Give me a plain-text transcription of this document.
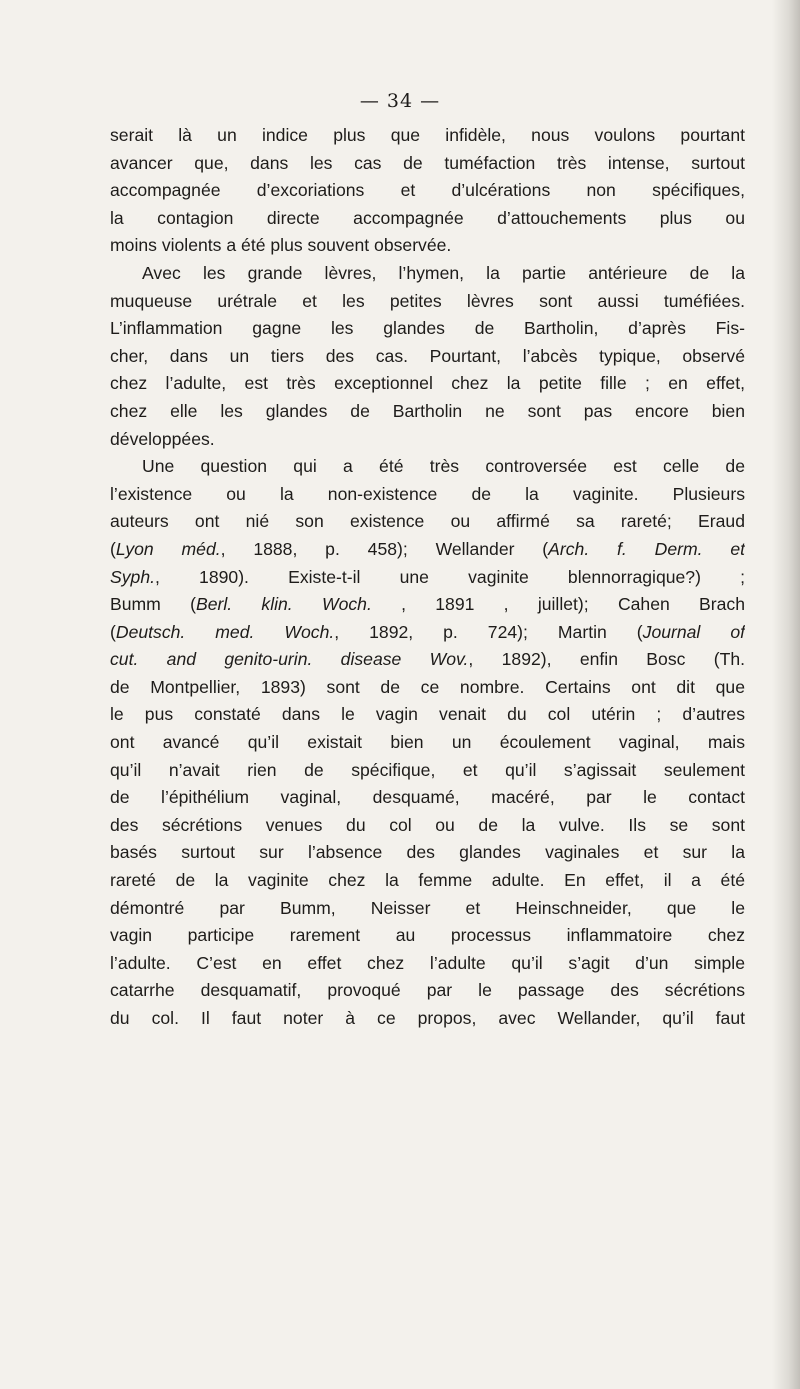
— 34 —
serait là un indice plus que infidèle, nous voulons pourtant
avancer que, dans les cas de tuméfaction très intense, surtout
accompagnée d’excoriations et d’ulcérations non spécifiques,
la contagion directe accompagnée d’attouchements plus ou
moins violents a été plus souvent observée.
Avec les grande lèvres, l’hymen, la partie antérieure de la
muqueuse urétrale et les petites lèvres sont aussi tuméfiées.
L’inflammation gagne les glandes de Bartholin, d’après Fis-
cher, dans un tiers des cas. Pourtant, l’abcès typique, observé
chez l’adulte, est très exceptionnel chez la petite fille ; en effet,
chez elle les glandes de Bartholin ne sont pas encore bien
développées.
Une question qui a été très controversée est celle de
l’existence ou la non-existence de la vaginite. Plusieurs
auteurs ont nié son existence ou affirmé sa rareté; Eraud
(Lyon méd., 1888, p. 458); Wellander (Arch. f. Derm. et
Syph., 1890). Existe-t-il une vaginite blennorragique?) ;
Bumm (Berl. klin. Woch. , 1891 , juillet); Cahen Brach
(Deutsch. med. Woch., 1892, p. 724); Martin (Journal of
cut. and genito-urin. disease Wov., 1892), enfin Bosc (Th.
de Montpellier, 1893) sont de ce nombre. Certains ont dit que
le pus constaté dans le vagin venait du col utérin ; d’autres
ont avancé qu’il existait bien un écoulement vaginal, mais
qu’il n’avait rien de spécifique, et qu’il s’agissait seulement
de l’épithélium vaginal, desquamé, macéré, par le contact
des sécrétions venues du col ou de la vulve. Ils se sont
basés surtout sur l’absence des glandes vaginales et sur la
rareté de la vaginite chez la femme adulte. En effet, il a été
démontré par Bumm, Neisser et Heinschneider, que le
vagin participe rarement au processus inflammatoire chez
l’adulte. C’est en effet chez l’adulte qu’il s’agit d’un simple
catarrhe desquamatif, provoqué par le passage des sécrétions
du col. Il faut noter à ce propos, avec Wellander, qu’il faut
